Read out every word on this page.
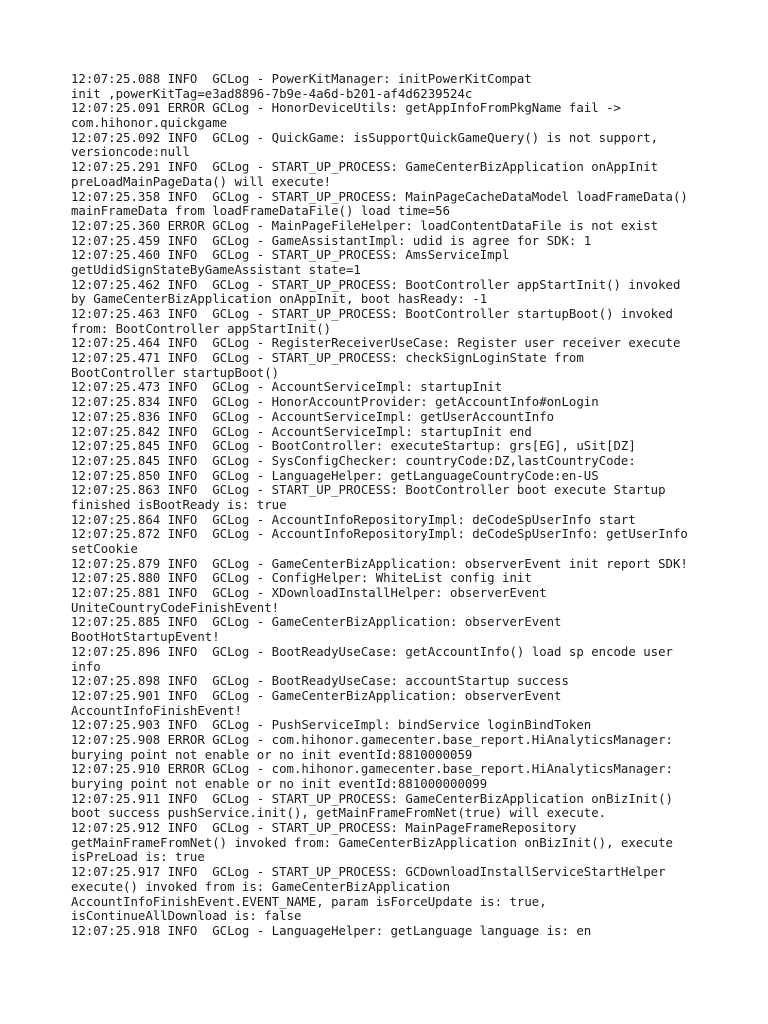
12:07:25.088 INFO  GCLog - PowerKitManager: initPowerKitCompat
init ,powerKitTag=e3ad8896-7b9e-4a6d-b201-af4d6239524c
12:07:25.091 ERROR GCLog - HonorDeviceUtils: getAppInfoFromPkgName fail ->
com.hihonor.quickgame
12:07:25.092 INFO  GCLog - QuickGame: isSupportQuickGameQuery() is not support,
versioncode:null
12:07:25.291 INFO  GCLog - START_UP_PROCESS: GameCenterBizApplication onAppInit
preLoadMainPageData() will execute!
12:07:25.358 INFO  GCLog - START_UP_PROCESS: MainPageCacheDataModel loadFrameData()
mainFrameData from loadFrameDataFile() load time=56
12:07:25.360 ERROR GCLog - MainPageFileHelper: loadContentDataFile is not exist
12:07:25.459 INFO  GCLog - GameAssistantImpl: udid is agree for SDK: 1
12:07:25.460 INFO  GCLog - START_UP_PROCESS: AmsServiceImpl
getUdidSignStateByGameAssistant state=1
12:07:25.462 INFO  GCLog - START_UP_PROCESS: BootController appStartInit() invoked
by GameCenterBizApplication onAppInit, boot hasReady: -1
12:07:25.463 INFO  GCLog - START_UP_PROCESS: BootController startupBoot() invoked
from: BootController appStartInit()
12:07:25.464 INFO  GCLog - RegisterReceiverUseCase: Register user receiver execute
12:07:25.471 INFO  GCLog - START_UP_PROCESS: checkSignLoginState from
BootController startupBoot()
12:07:25.473 INFO  GCLog - AccountServiceImpl: startupInit
12:07:25.834 INFO  GCLog - HonorAccountProvider: getAccountInfo#onLogin
12:07:25.836 INFO  GCLog - AccountServiceImpl: getUserAccountInfo
12:07:25.842 INFO  GCLog - AccountServiceImpl: startupInit end
12:07:25.845 INFO  GCLog - BootController: executeStartup: grs[EG], uSit[DZ]
12:07:25.845 INFO  GCLog - SysConfigChecker: countryCode:DZ,lastCountryCode:
12:07:25.850 INFO  GCLog - LanguageHelper: getLanguageCountryCode:en-US
12:07:25.863 INFO  GCLog - START_UP_PROCESS: BootController boot execute Startup
finished isBootReady is: true
12:07:25.864 INFO  GCLog - AccountInfoRepositoryImpl: deCodeSpUserInfo start
12:07:25.872 INFO  GCLog - AccountInfoRepositoryImpl: deCodeSpUserInfo: getUserInfo
setCookie
12:07:25.879 INFO  GCLog - GameCenterBizApplication: observerEvent init report SDK!
12:07:25.880 INFO  GCLog - ConfigHelper: WhiteList config init
12:07:25.881 INFO  GCLog - XDownloadInstallHelper: observerEvent
UniteCountryCodeFinishEvent!
12:07:25.885 INFO  GCLog - GameCenterBizApplication: observerEvent
BootHotStartupEvent!
12:07:25.896 INFO  GCLog - BootReadyUseCase: getAccountInfo() load sp encode user
info
12:07:25.898 INFO  GCLog - BootReadyUseCase: accountStartup success
12:07:25.901 INFO  GCLog - GameCenterBizApplication: observerEvent
AccountInfoFinishEvent!
12:07:25.903 INFO  GCLog - PushServiceImpl: bindService loginBindToken
12:07:25.908 ERROR GCLog - com.hihonor.gamecenter.base_report.HiAnalyticsManager:
burying point not enable or no init eventId:8810000059
12:07:25.910 ERROR GCLog - com.hihonor.gamecenter.base_report.HiAnalyticsManager:
burying point not enable or no init eventId:881000000099
12:07:25.911 INFO  GCLog - START_UP_PROCESS: GameCenterBizApplication onBizInit()
boot success pushService.init(), getMainFrameFromNet(true) will execute.
12:07:25.912 INFO  GCLog - START_UP_PROCESS: MainPageFrameRepository
getMainFrameFromNet() invoked from: GameCenterBizApplication onBizInit(), execute
isPreLoad is: true
12:07:25.917 INFO  GCLog - START_UP_PROCESS: GCDownloadInstallServiceStartHelper
execute() invoked from is: GameCenterBizApplication
AccountInfoFinishEvent.EVENT_NAME, param isForceUpdate is: true,
isContinueAllDownload is: false
12:07:25.918 INFO  GCLog - LanguageHelper: getLanguage language is: en
